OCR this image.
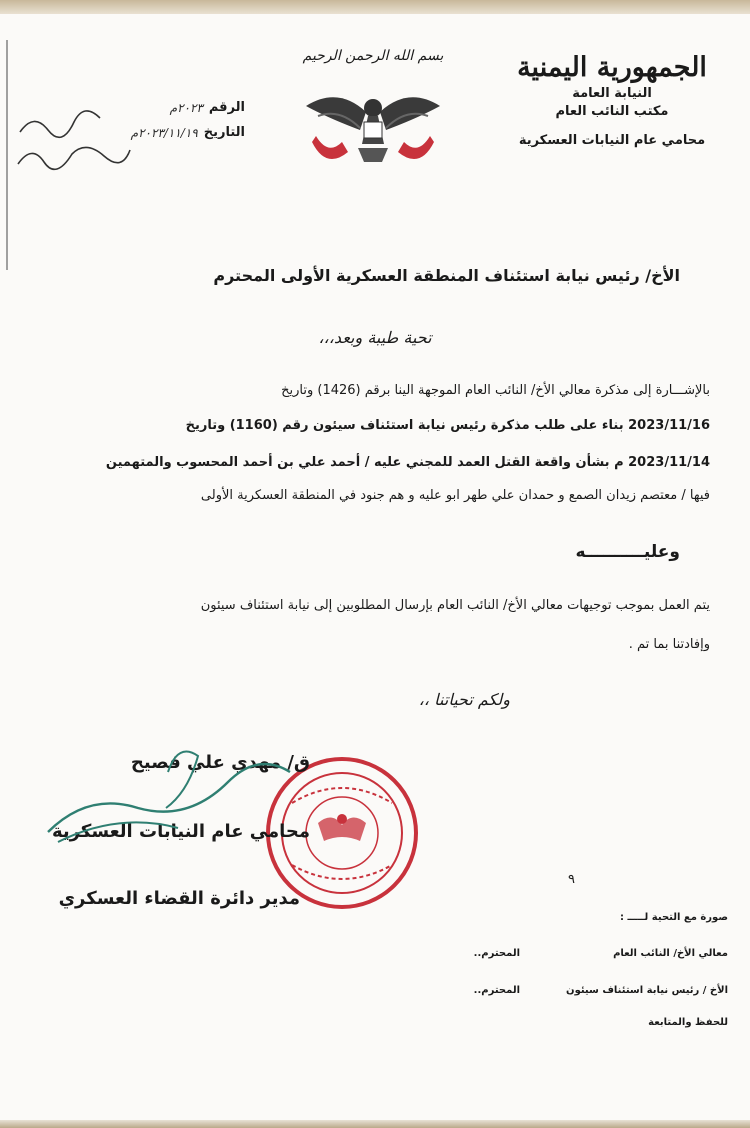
الجمهورية اليمنية
النيابة العامة
مكتب النائب العام
محامي عام النيابات العسكرية
بسم الله الرحمن الرحيم
الرقم
٢٠٢٣م
التاريخ
٢٠٢٣/١١/١٩م
الأخ/ رئيس نيابة استئناف المنطقة العسكرية الأولى المحترم
تحية طيبة وبعد،،،
بالإشـــارة إلى مذكرة معالي الأخ/ النائب العام الموجهة الينا برقم (1426) وتاريخ
2023/11/16 بناء على طلب مذكرة رئيس نيابة استئناف سيئون رقم (1160) وتاريخ
2023/11/14 م بشأن واقعة القتل العمد للمجني عليه / أحمد علي بن أحمد المحسوب والمتهمين
فيها / معتصم زيدان الصمع و حمدان علي طهر ابو عليه و هم جنود في المنطقة العسكرية الأولى
وعليــــــــــه
يتم العمل بموجب توجيهات معالي الأخ/ النائب العام بإرسال المطلوبين إلى نيابة استئناف سيئون
وإفادتنا بما تم .
ولكم تحياتنا ،،
ق/ مهدي علي فصيح
محامي عام النيابات العسكرية
مدير دائرة القضاء العسكري
٩
صورة مع التحية لـــــ :
معالي الأخ/ النائب العام
المحترم..
الأخ / رئيس نيابة استئناف سيئون
المحترم..
للحفظ والمتابعة
